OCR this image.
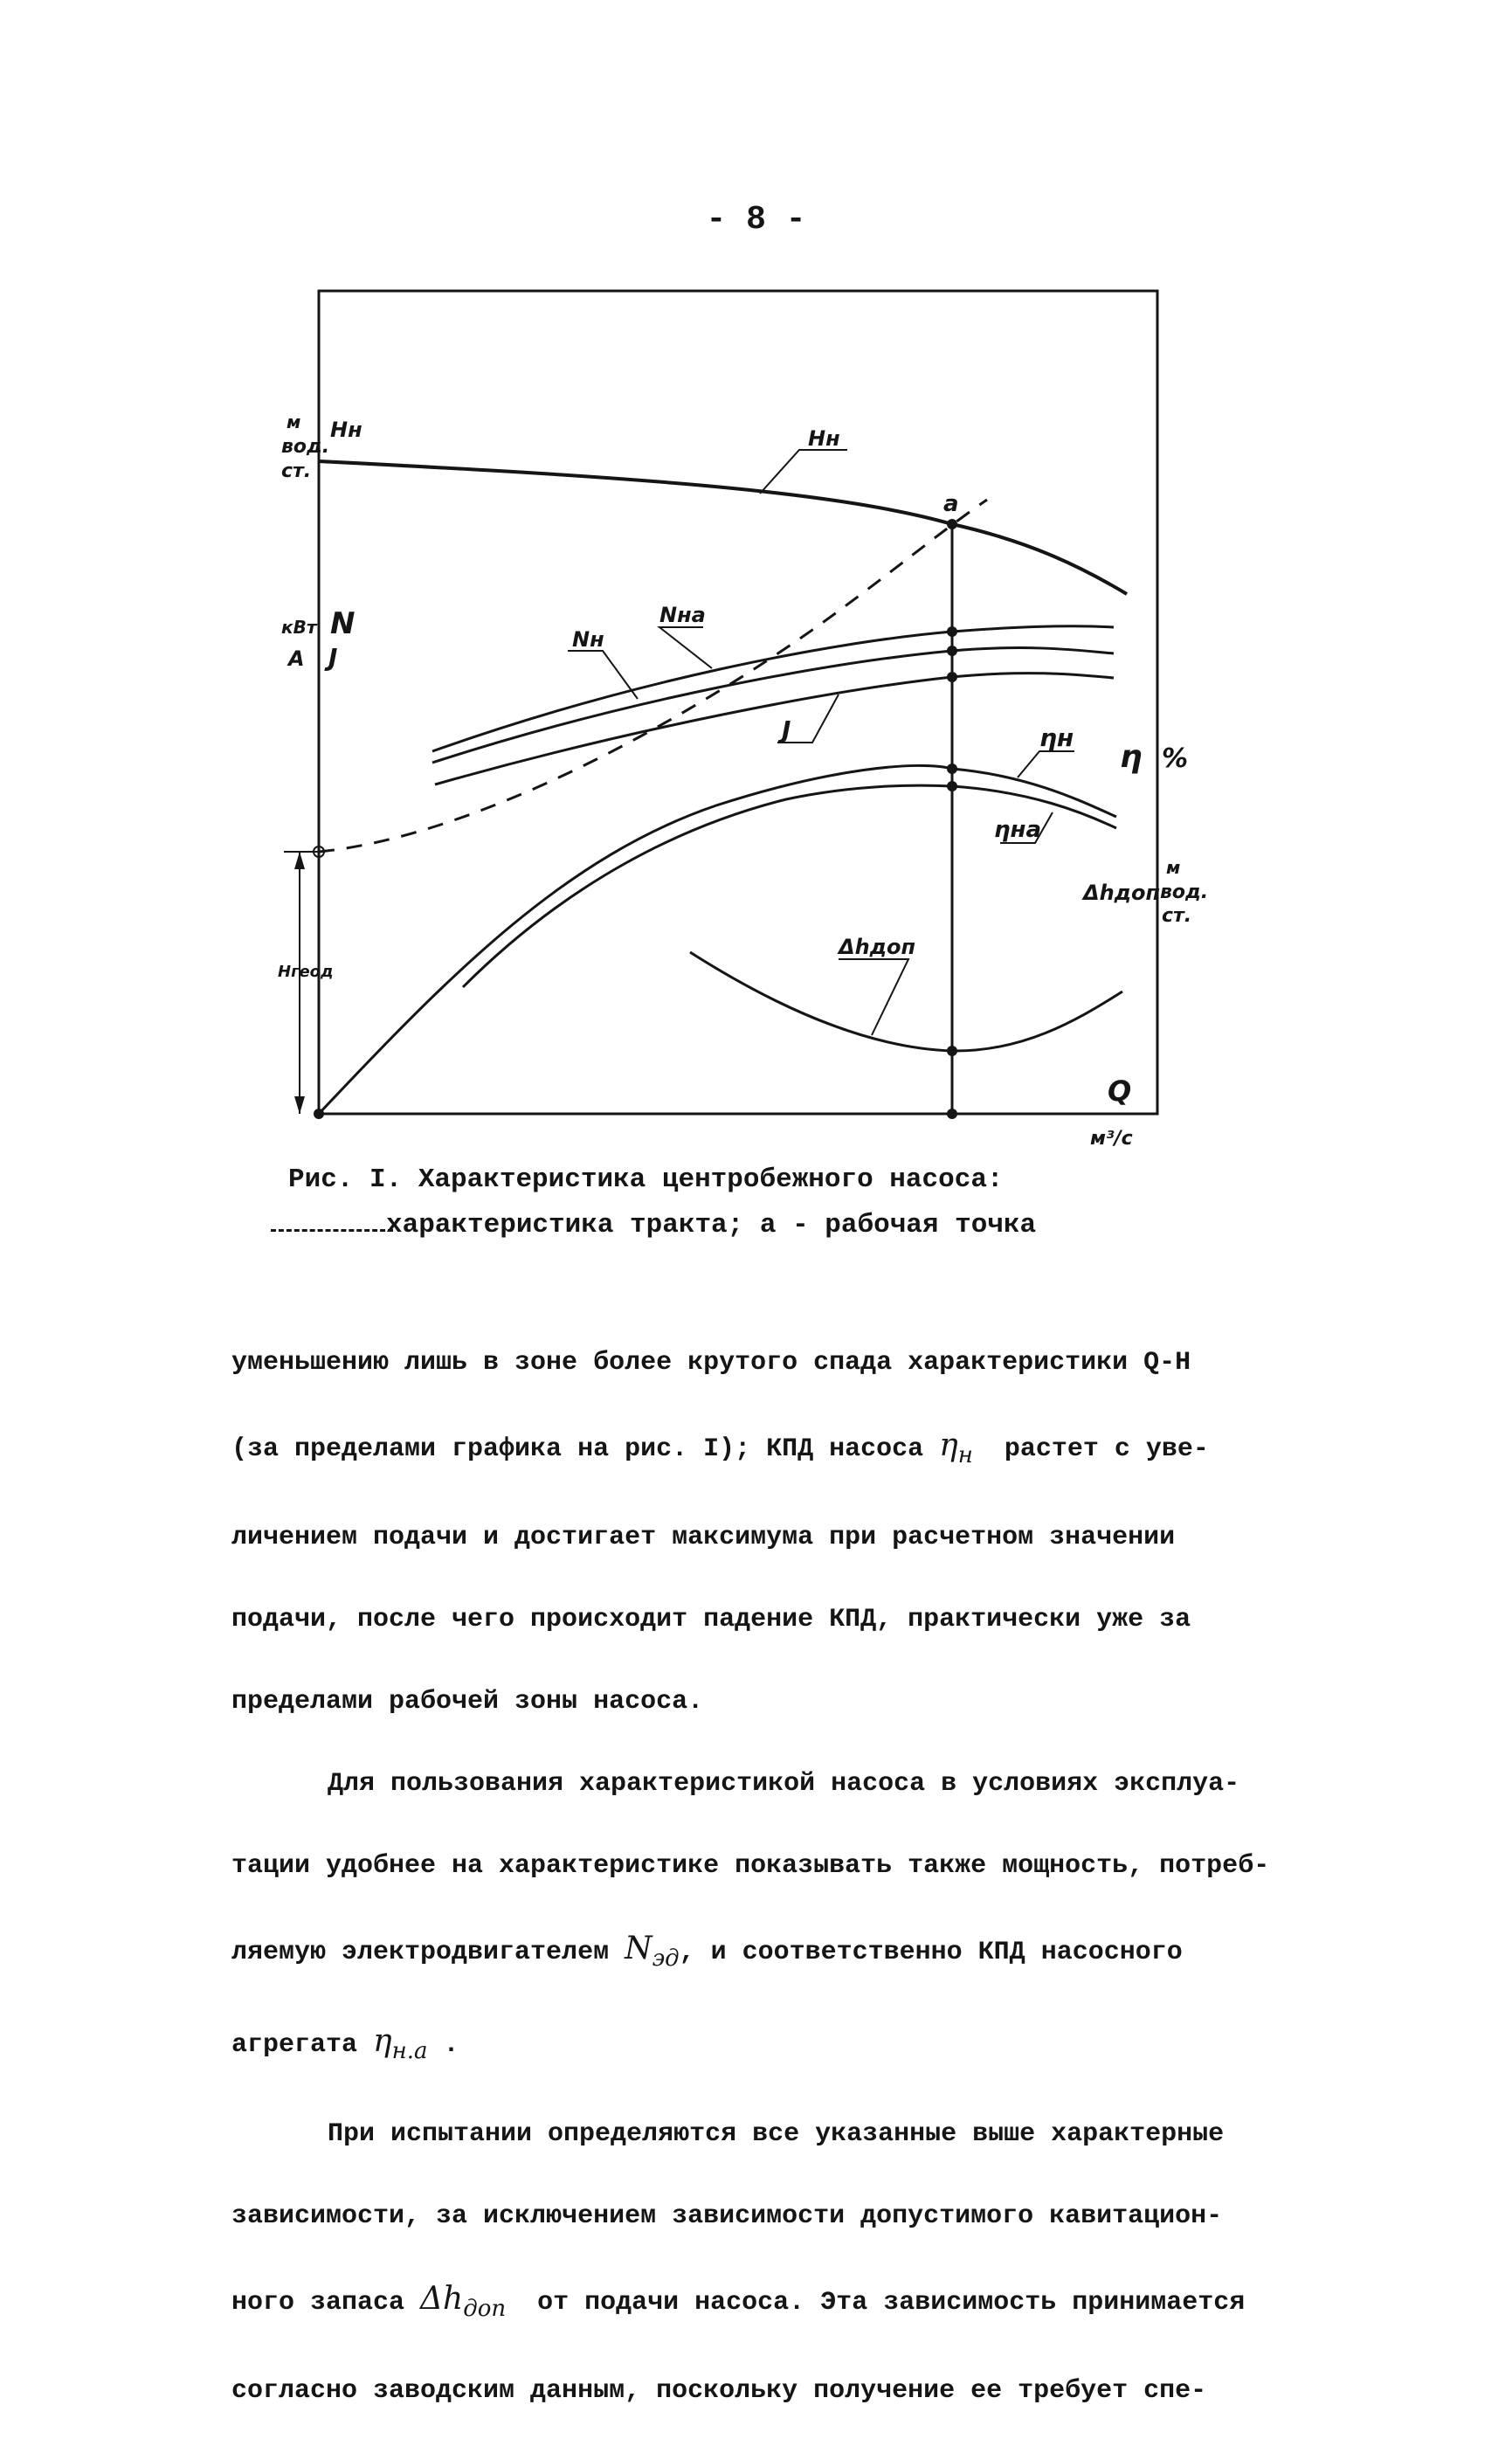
- 8 -
м
вод.
ст.
Hн
кВт
А
N
J
Hгеод
η %
Δhдоп
м
вод.
ст.
Q
м³/с
Hн
Nна
Nн
J	ηн
ηна
Δhдоп
a
Рис. I. Характеристика центробежного насоса:
характеристика тракта; a - рабочая точка

уменьшению лишь в зоне более крутого спада характеристики Q-H

(за пределами графика на рис. I); КПД насоса $\eta_н$  растет с уве-

личением подачи и достигает максимума при расчетном значении

подачи, после чего происходит падение КПД, практически уже за

пределами рабочей зоны насоса.

Для пользования характеристикой насоса в условиях эксплуа-

тации удобнее на характеристике показывать также мощность, потреб-

ляемую электродвигателем $N_{эд}$, и соответственно КПД насосного

агрегата $\eta_{н.а}$ .

При испытании определяются все указанные выше характерные

зависимости, за исключением зависимости допустимого кавитацион-

ного запаса $\Delta h_{доп}$  от подачи насоса. Эта зависимость принимается

согласно заводским данным, поскольку получение ее требует спе-
